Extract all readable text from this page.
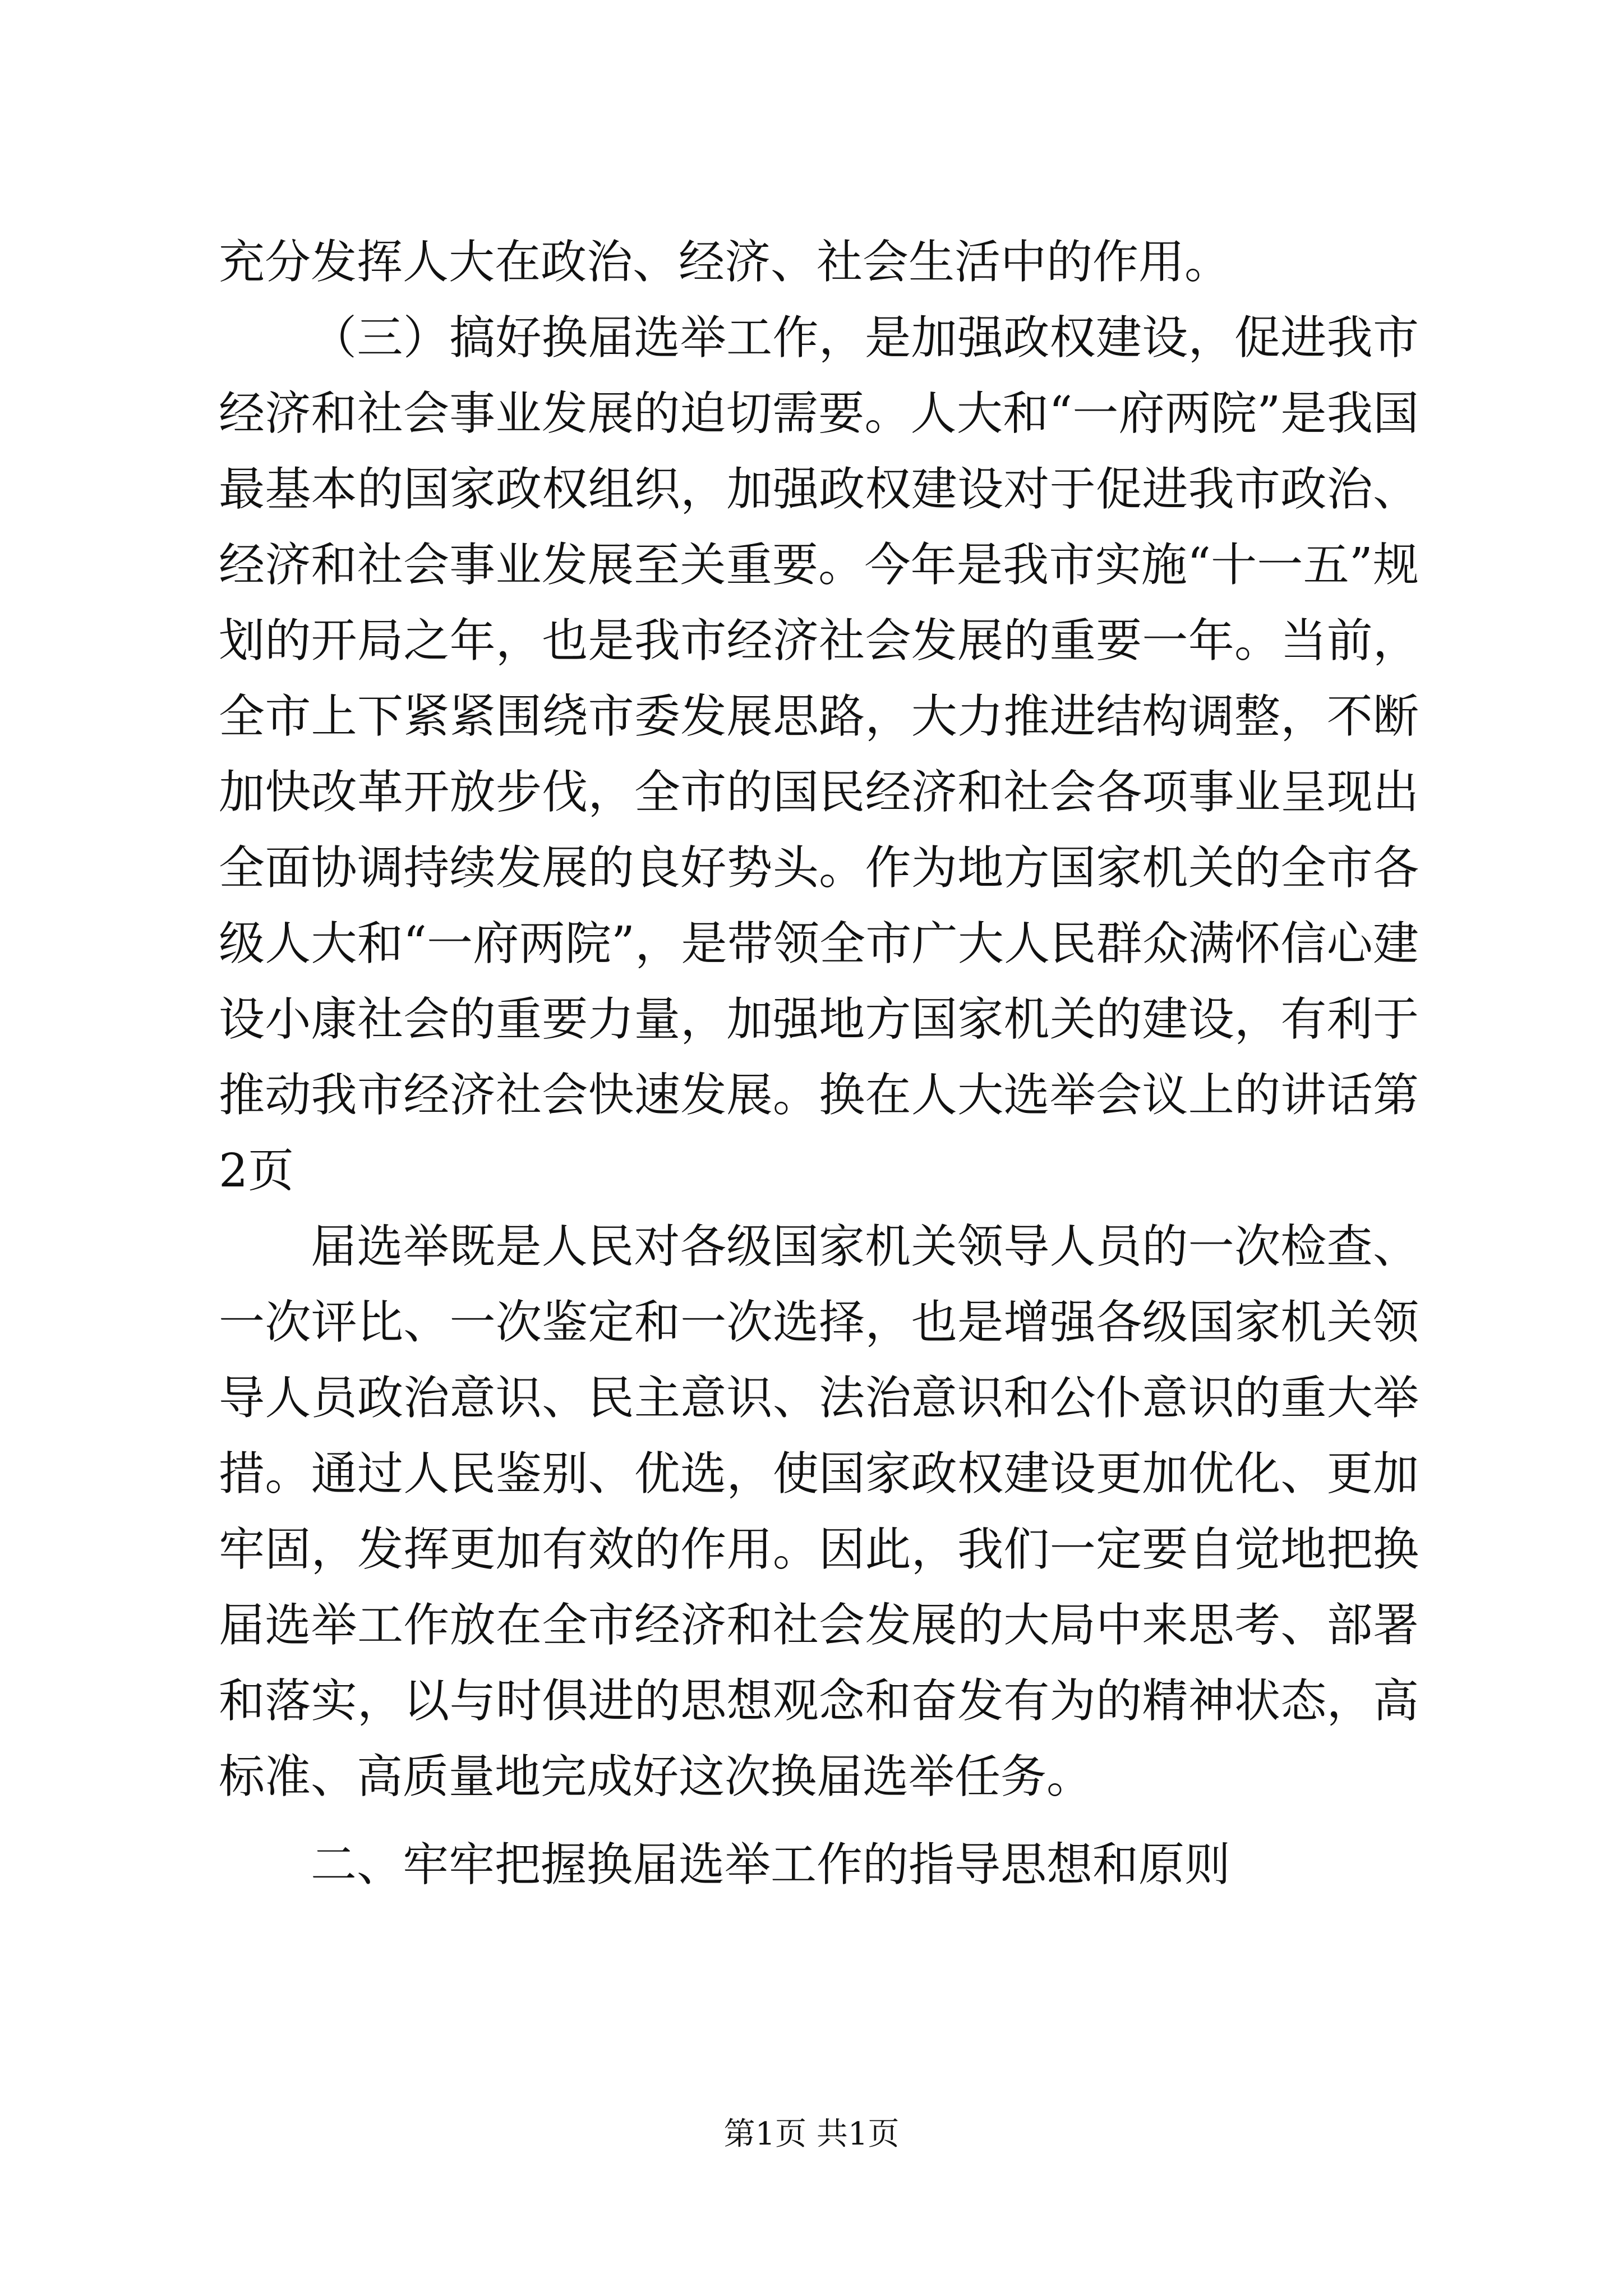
充分发挥人大在政治、经济、社会生活中的作用。

（三）搞好换届选举工作，是加强政权建设，促进我市经济和社会事业发展的迫切需要。人大和“一府两院”是我国最基本的国家政权组织，加强政权建设对于促进我市政治、经济和社会事业发展至关重要。今年是我市实施“十一五”规划的开局之年，也是我市经济社会发展的重要一年。当前，全市上下紧紧围绕市委发展思路，大力推进结构调整，不断加快改革开放步伐，全市的国民经济和社会各项事业呈现出全面协调持续发展的良好势头。作为地方国家机关的全市各级人大和“一府两院”，是带领全市广大人民群众满怀信心建设小康社会的重要力量，加强地方国家机关的建设，有利于推动我市经济社会快速发展。换在人大选举会议上的讲话第2页

届选举既是人民对各级国家机关领导人员的一次检查、一次评比、一次鉴定和一次选择，也是增强各级国家机关领导人员政治意识、民主意识、法治意识和公仆意识的重大举措。通过人民鉴别、优选，使国家政权建设更加优化、更加牢固，发挥更加有效的作用。因此，我们一定要自觉地把换届选举工作放在全市经济和社会发展的大局中来思考、部署和落实，以与时俱进的思想观念和奋发有为的精神状态，高标准、高质量地完成好这次换届选举任务。

二、牢牢把握换届选举工作的指导思想和原则

第1页 共1页
